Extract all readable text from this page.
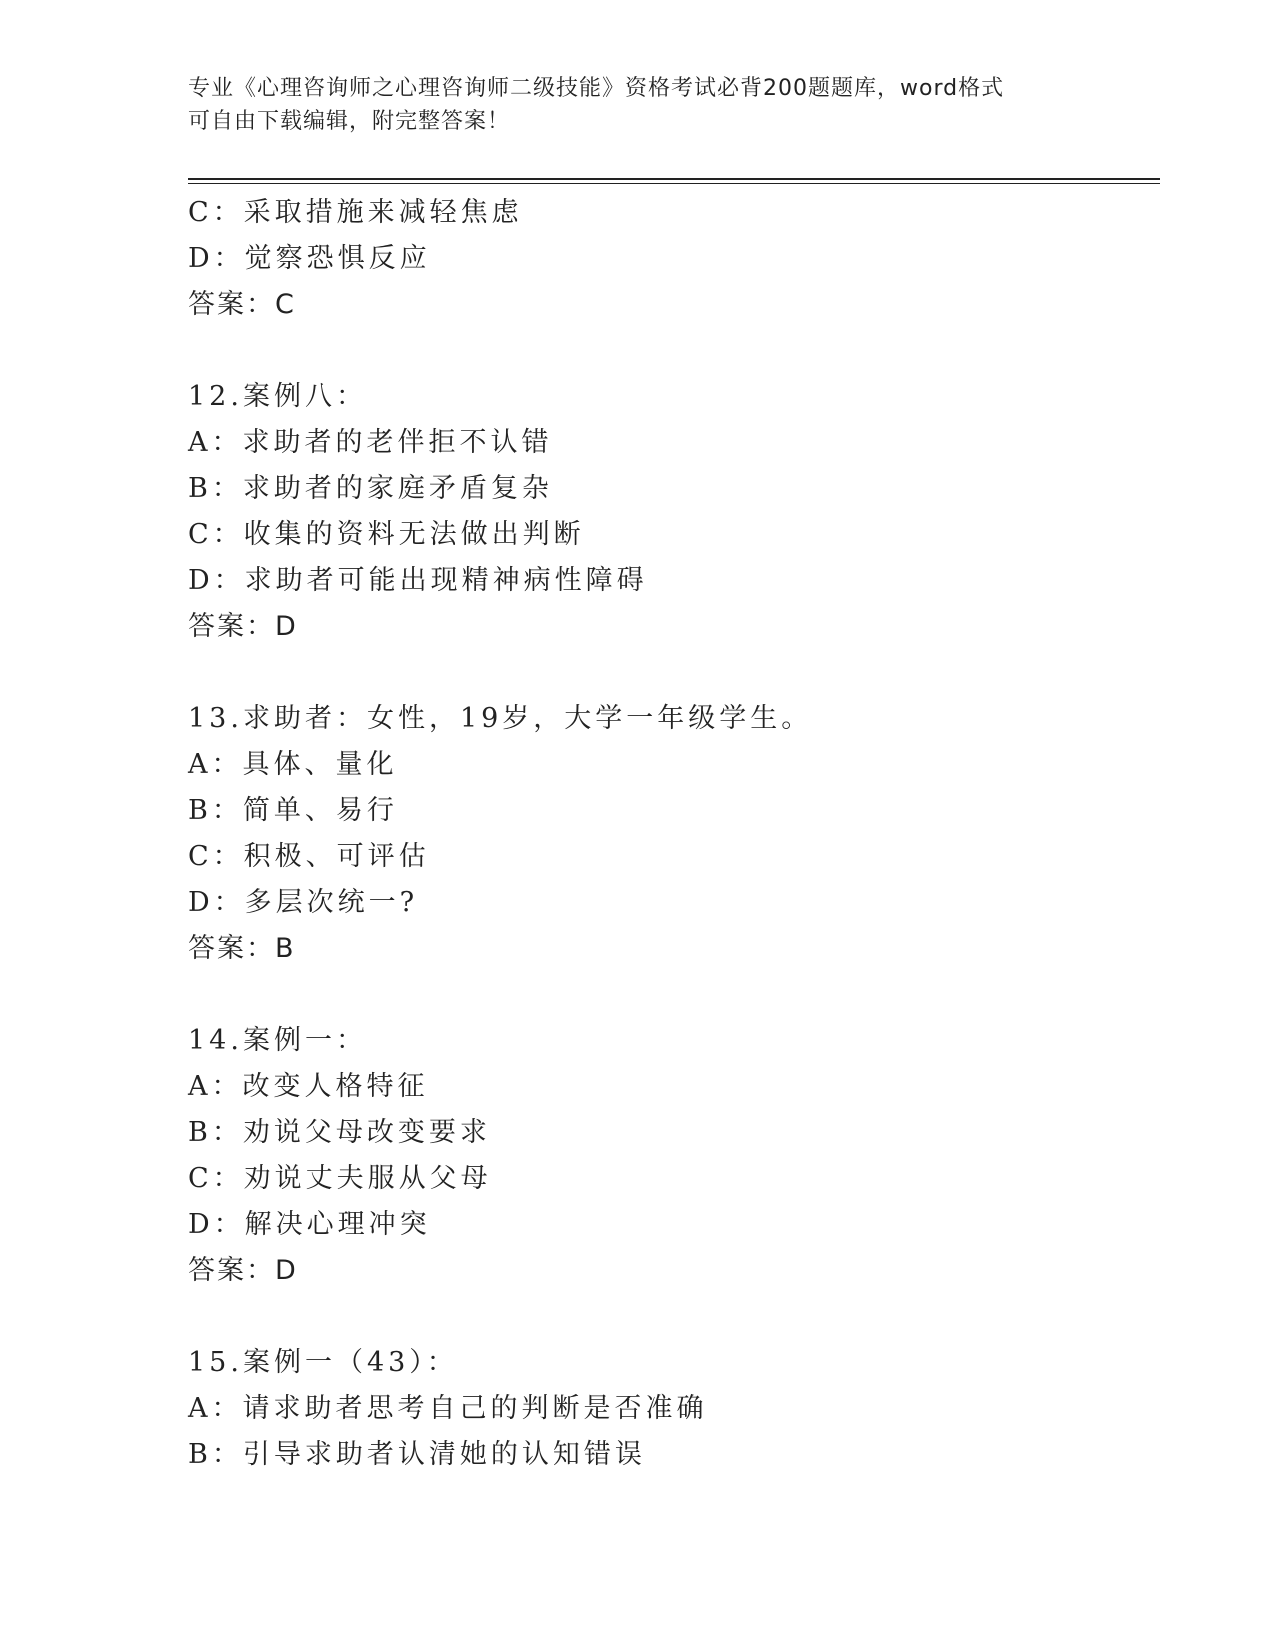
专业《心理咨询师之心理咨询师二级技能》资格考试必背200题题库，word格式

可自由下载编辑，附完整答案！

C：采取措施来减轻焦虑
D：觉察恐惧反应
答案：C
12.案例八：
A：求助者的老伴拒不认错
B：求助者的家庭矛盾复杂
C：收集的资料无法做出判断
D：求助者可能出现精神病性障碍
答案：D
13.求助者：女性，19岁，大学一年级学生。
A：具体、量化
B：简单、易行
C：积极、可评估
D：多层次统一?
答案：B
14.案例一：
A：改变人格特征
B：劝说父母改变要求
C：劝说丈夫服从父母
D：解决心理冲突
答案：D
15.案例一（43）：
A：请求助者思考自己的判断是否准确
B：引导求助者认清她的认知错误
